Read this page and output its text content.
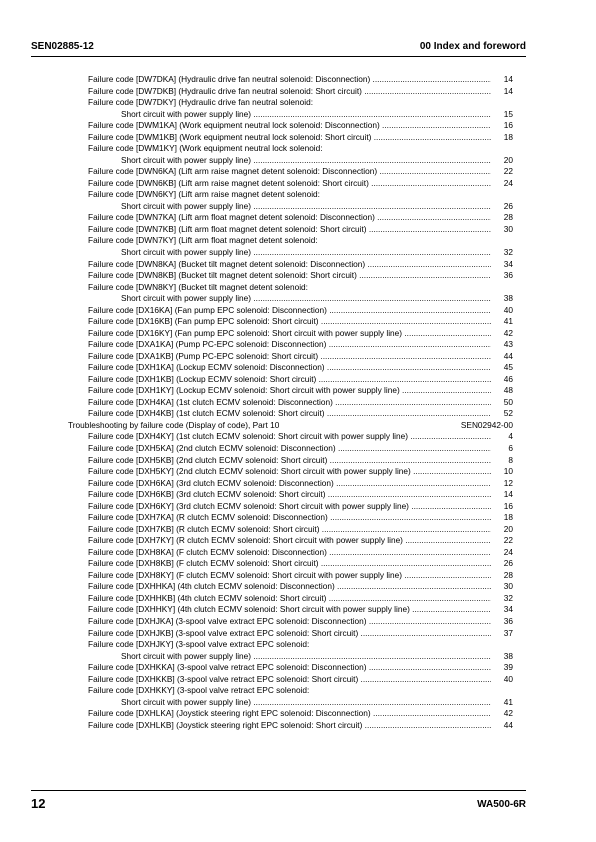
SEN02885-12	00 Index and foreword
Failure code [DW7DKA] (Hydraulic drive fan neutral solenoid: Disconnection) .....	14
Failure code [DW7DKB] (Hydraulic drive fan neutral solenoid: Short circuit) .....	14
Failure code [DW7DKY] (Hydraulic drive fan neutral solenoid:
Short circuit with power supply line) .....	15
Failure code [DWM1KA] (Work equipment neutral lock solenoid: Disconnection) .....	16
Failure code [DWM1KB] (Work equipment neutral lock solenoid: Short circuit) .....	18
Failure code [DWM1KY] (Work equipment neutral lock solenoid:
Short circuit with power supply line) .....	20
Failure code [DWN6KA] (Lift arm raise magnet detent solenoid: Disconnection) .....	22
Failure code [DWN6KB] (Lift arm raise magnet detent solenoid: Short circuit) .....	24
Failure code [DWN6KY] (Lift arm raise magnet detent solenoid:
Short circuit with power supply line) .....	26
Failure code [DWN7KA] (Lift arm float magnet detent solenoid: Disconnection) .....	28
Failure code [DWN7KB] (Lift arm float magnet detent solenoid: Short circuit) .....	30
Failure code [DWN7KY] (Lift arm float magnet detent solenoid:
Short circuit with power supply line) .....	32
Failure code [DWN8KA] (Bucket tilt magnet detent solenoid: Disconnection) .....	34
Failure code [DWN8KB] (Bucket tilt magnet detent solenoid: Short circuit) .....	36
Failure code [DWN8KY] (Bucket tilt magnet detent solenoid:
Short circuit with power supply line) .....	38
Failure code [DX16KA] (Fan pump EPC solenoid: Disconnection) .....	40
Failure code [DX16KB] (Fan pump EPC solenoid: Short circuit) .....	41
Failure code [DX16KY] (Fan pump EPC solenoid: Short circuit with power supply line) .....	42
Failure code [DXA1KA] (Pump PC-EPC solenoid: Disconnection) .....	43
Failure code [DXA1KB] (Pump PC-EPC solenoid: Short circuit) .....	44
Failure code [DXH1KA] (Lockup ECMV solenoid: Disconnection) .....	45
Failure code [DXH1KB] (Lockup ECMV solenoid: Short circuit) .....	46
Failure code [DXH1KY] (Lockup ECMV solenoid: Short circuit with power supply line) .....	48
Failure code [DXH4KA] (1st clutch ECMV solenoid: Disconnection) .....	50
Failure code [DXH4KB] (1st clutch ECMV solenoid: Short circuit) .....	52
Troubleshooting by failure code (Display of code), Part 10	SEN02942-00
Failure code [DXH4KY] (1st clutch ECMV solenoid: Short circuit with power supply line) .....	4
Failure code [DXH5KA] (2nd clutch ECMV solenoid: Disconnection) .....	6
Failure code [DXH5KB] (2nd clutch ECMV solenoid: Short circuit) .....	8
Failure code [DXH5KY] (2nd clutch ECMV solenoid: Short circuit with power supply line) .....	10
Failure code [DXH6KA] (3rd clutch ECMV solenoid: Disconnection) .....	12
Failure code [DXH6KB] (3rd clutch ECMV solenoid: Short circuit) .....	14
Failure code [DXH6KY] (3rd clutch ECMV solenoid: Short circuit with power supply line) .....	16
Failure code [DXH7KA] (R clutch ECMV solenoid: Disconnection) .....	18
Failure code [DXH7KB] (R clutch ECMV solenoid: Short circuit) .....	20
Failure code [DXH7KY] (R clutch ECMV solenoid: Short circuit with power supply line) .....	22
Failure code [DXH8KA] (F clutch ECMV solenoid: Disconnection) .....	24
Failure code [DXH8KB] (F clutch ECMV solenoid: Short circuit) .....	26
Failure code [DXH8KY] (F clutch ECMV solenoid: Short circuit with power supply line) .....	28
Failure code [DXHHKA] (4th clutch ECMV solenoid: Disconnection) .....	30
Failure code [DXHHKB] (4th clutch ECMV solenoid: Short circuit) .....	32
Failure code [DXHHKY] (4th clutch ECMV solenoid: Short circuit with power supply line) .....	34
Failure code [DXHJKA] (3-spool valve extract EPC solenoid: Disconnection) .....	36
Failure code [DXHJKB] (3-spool valve extract EPC solenoid: Short circuit) .....	37
Failure code [DXHJKY] (3-spool valve extract EPC solenoid:
Short circuit with power supply line) .....	38
Failure code [DXHKKA] (3-spool valve retract EPC solenoid: Disconnection) .....	39
Failure code [DXHKKB] (3-spool valve retract EPC solenoid: Short circuit) .....	40
Failure code [DXHKKY] (3-spool valve retract EPC solenoid:
Short circuit with power supply line) .....	41
Failure code [DXHLKA] (Joystick steering right EPC solenoid: Disconnection) .....	42
Failure code [DXHLKB] (Joystick steering right EPC solenoid: Short circuit) .....	44
12	WA500-6R
